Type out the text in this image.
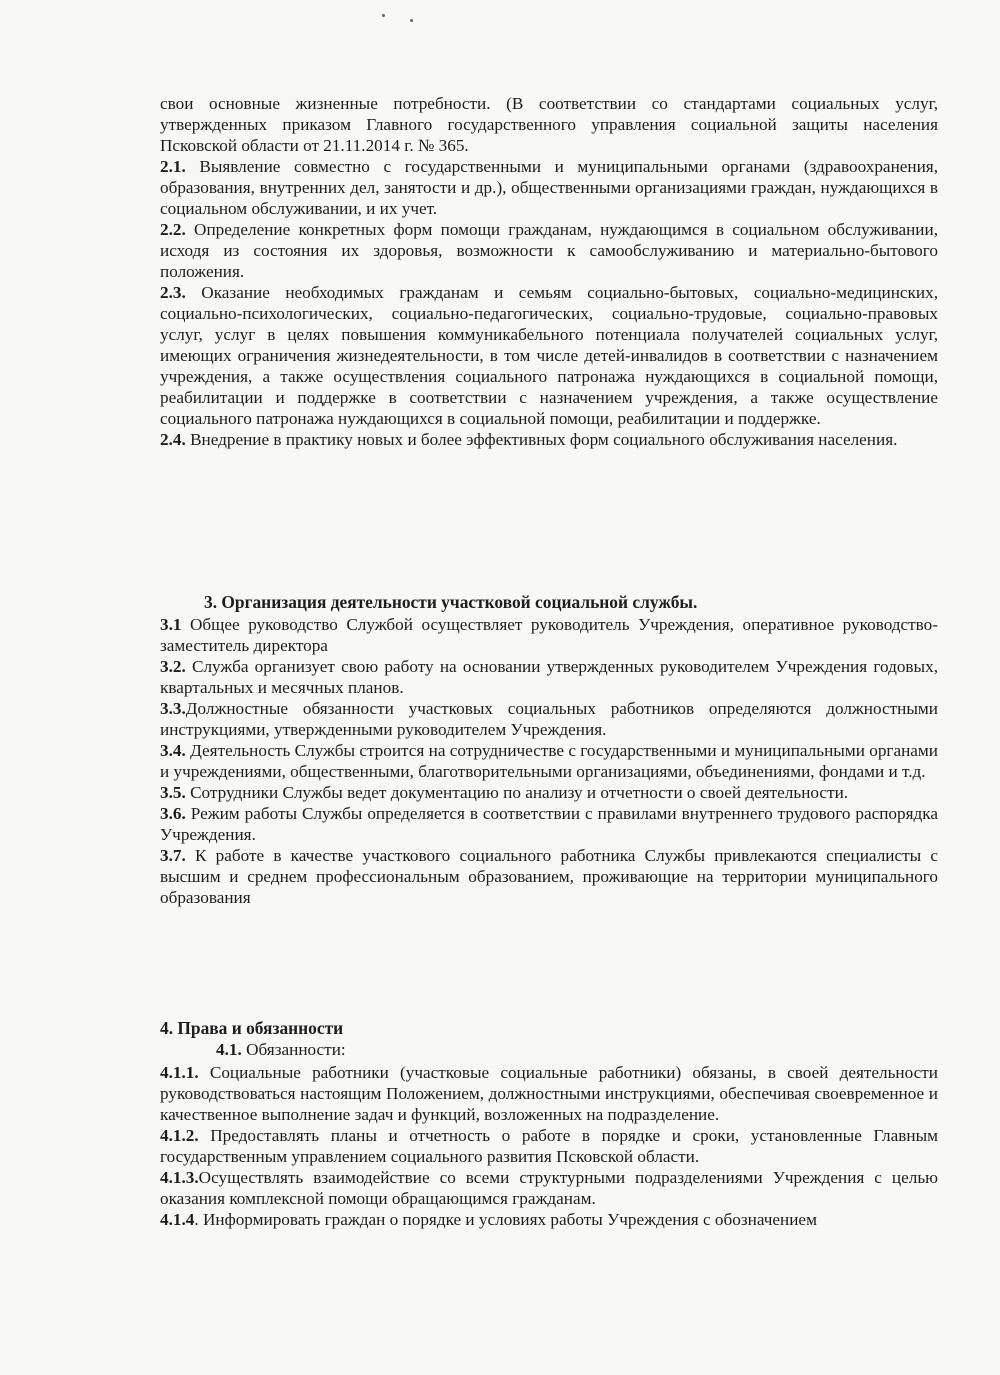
свои основные жизненные потребности. (В соответствии со стандартами социальных услуг, утвержденных приказом Главного государственного управления социальной защиты населения Псковской области от 21.11.2014 г. № 365.

2.1. Выявление совместно с государственными и муниципальными органами (здравоохранения, образования, внутренних дел, занятости и др.), общественными организациями граждан, нуждающихся в социальном обслуживании, и их учет.

2.2. Определение конкретных форм помощи гражданам, нуждающимся в социальном обслуживании, исходя из состояния их здоровья, возможности к самообслуживанию и материально-бытового положения.

2.3. Оказание необходимых гражданам и семьям социально-бытовых, социально-медицинских, социально-психологических, социально-педагогических, социально-трудовые, социально-правовых услуг, услуг в целях повышения коммуникабельного потенциала получателей социальных услуг, имеющих ограничения жизнедеятельности, в том числе детей-инвалидов в соответствии с назначением учреждения, а также осуществления социального патронажа нуждающихся в социальной помощи, реабилитации и поддержке в соответствии с назначением учреждения, а также осуществление социального патронажа нуждающихся в социальной помощи, реабилитации и поддержке.

2.4. Внедрение в практику новых и более эффективных форм социального обслуживания населения.

3. Организация деятельности участковой социальной службы.

3.1 Общее руководство Службой осуществляет руководитель Учреждения, оперативное руководство- заместитель директора

3.2. Служба организует свою работу на основании утвержденных руководителем Учреждения годовых, квартальных и месячных планов.

3.3.Должностные обязанности участковых социальных работников определяются должностными инструкциями, утвержденными руководителем Учреждения.

3.4. Деятельность Службы строится на сотрудничестве с государственными и муниципальными органами и учреждениями, общественными, благотворительными организациями, объединениями, фондами и т.д.

3.5. Сотрудники Службы ведет документацию по анализу и отчетности о своей деятельности.

3.6. Режим работы Службы определяется в соответствии с правилами внутреннего трудового распорядка Учреждения.

3.7. К работе в качестве участкового социального работника Службы привлекаются специалисты с высшим и среднем профессиональным образованием, проживающие на территории муниципального образования

4. Права и обязанности
4.1. Обязанности:

4.1.1. Социальные работники (участковые социальные работники) обязаны, в своей деятельности руководствоваться настоящим Положением, должностными инструкциями, обеспечивая своевременное и качественное выполнение задач и функций, возложенных на подразделение.

4.1.2. Предоставлять планы и отчетность о работе в порядке и сроки, установленные Главным государственным управлением социального развития Псковской области.

4.1.3.Осуществлять взаимодействие со всеми структурными подразделениями Учреждения с целью оказания комплексной помощи обращающимся гражданам.

4.1.4. Информировать граждан о порядке и условиях работы Учреждения с обозначением
